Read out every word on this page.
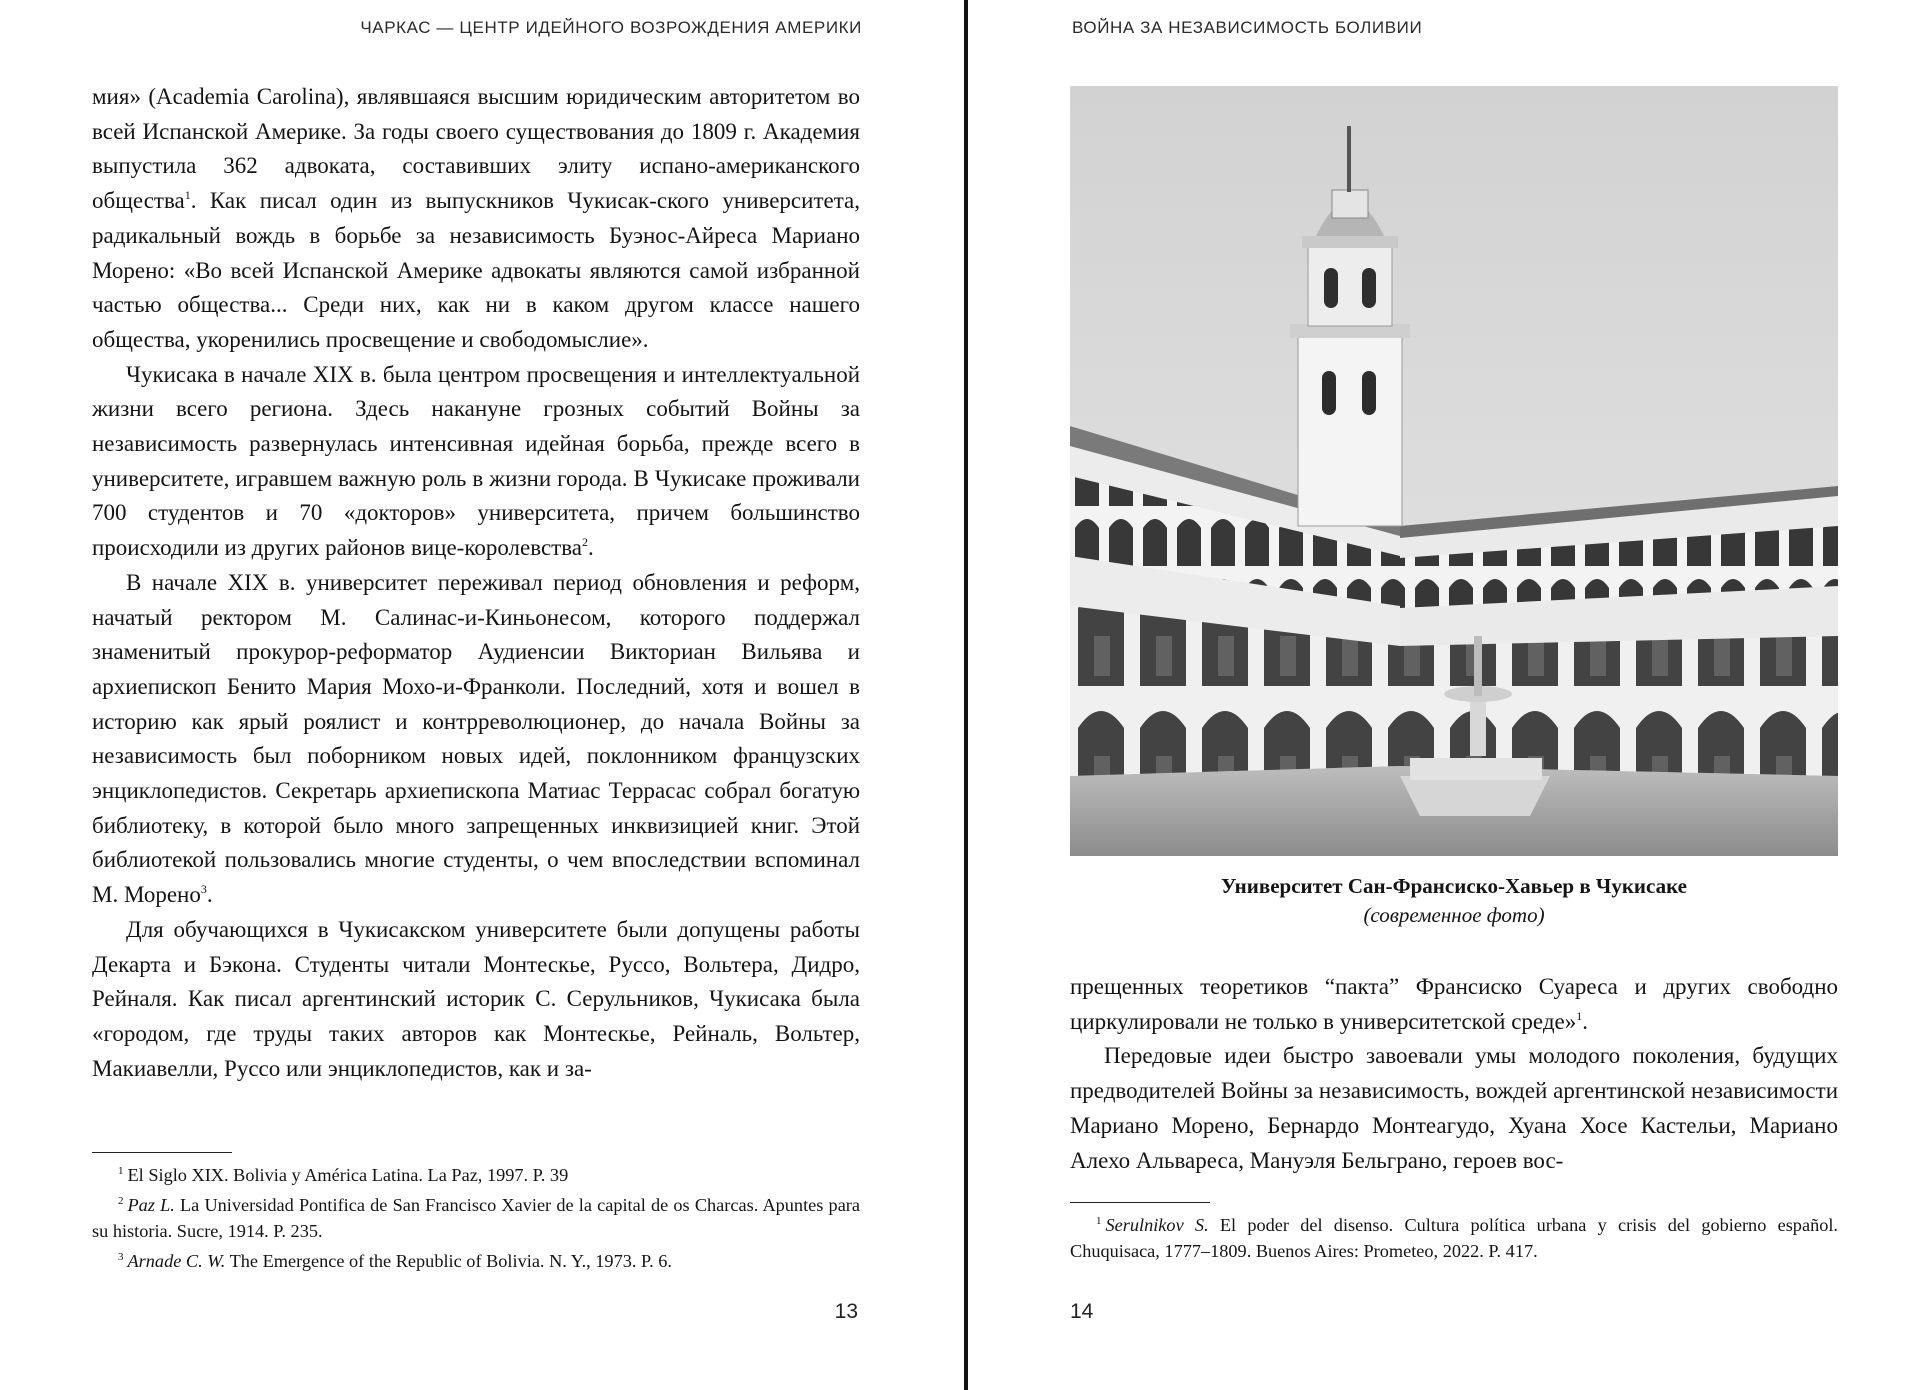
ЧАРКАС — ЦЕНТР ИДЕЙНОГО ВОЗРОЖДЕНИЯ АМЕРИКИ

мия» (Academia Carolina), являвшаяся высшим юридическим авторитетом во всей Испанской Америке. За годы своего существования до 1809 г. Академия выпустила 362 адвоката, составивших элиту испано-американского общества$^1$. Как писал один из выпускников Чукисак-ского университета, радикальный вождь в борьбе за независимость Буэнос-Айреса Мариано Морено: «Во всей Испанской Америке адвокаты являются самой избранной частью общества... Среди них, как ни в каком другом классе нашего общества, укоренились просвещение и свободомыслие».

Чукисака в начале XIX в. была центром просвещения и интеллектуальной жизни всего региона. Здесь накануне грозных событий Войны за независимость развернулась интенсивная идейная борьба, прежде всего в университете, игравшем важную роль в жизни города. В Чукисаке проживали 700 студентов и 70 «докторов» университета, причем большинство происходили из других районов вице-королевства$^2$.

В начале XIX в. университет переживал период обновления и реформ, начатый ректором М. Салинас-и-Киньонесом, которого поддержал знаменитый прокурор-реформатор Аудиенсии Викториан Вильява и архиепископ Бенито Мария Мохо-и-Франколи. Последний, хотя и вошел в историю как ярый роялист и контрреволюционер, до начала Войны за независимость был поборником новых идей, поклонником французских энциклопедистов. Секретарь архиепископа Матиас Террасас собрал богатую библиотеку, в которой было много запрещенных инквизицией книг. Этой библиотекой пользовались многие студенты, о чем впоследствии вспоминал М. Морено$^3$.

Для обучающихся в Чукисакском университете были допущены работы Декарта и Бэкона. Студенты читали Монтескье, Руссо, Вольтера, Дидро, Рейналя. Как писал аргентинский историк С. Серульников, Чукисака была «городом, где труды таких авторов как Монтескье, Рейналь, Вольтер, Макиавелли, Руссо или энциклопедистов, как и за-

$^1$ El Siglo XIX. Bolivia y América Latina. La Paz, 1997. P. 39

$^2$ Paz L. La Universidad Pontifica de San Francisco Xavier de la capital de os Charcas. Apuntes para su historia. Sucre, 1914. P. 235.

$^3$ Arnade C. W. The Emergence of the Republic of Bolivia. N. Y., 1973. P. 6.

13
ВОЙНА ЗА НЕЗАВИСИМОСТЬ БОЛИВИИ
Университет Сан-Франсиско-Хавьер в Чукисаке
(современное фото)

прещенных теоретиков “пакта” Франсиско Суареса и других свободно циркулировали не только в университетской среде»$^1$.

Передовые идеи быстро завоевали умы молодого поколения, будущих предводителей Войны за независимость, вождей аргентинской независимости Мариано Морено, Бернардо Монтеагудо, Хуана Хосе Кастельи, Мариано Алехо Альвареса, Мануэля Бельграно, героев вос-

$^1$ Serulnikov S. El poder del disenso. Cultura política urbana y crisis del gobierno español. Chuquisaca, 1777–1809. Buenos Aires: Prometeo, 2022. P. 417.

14
